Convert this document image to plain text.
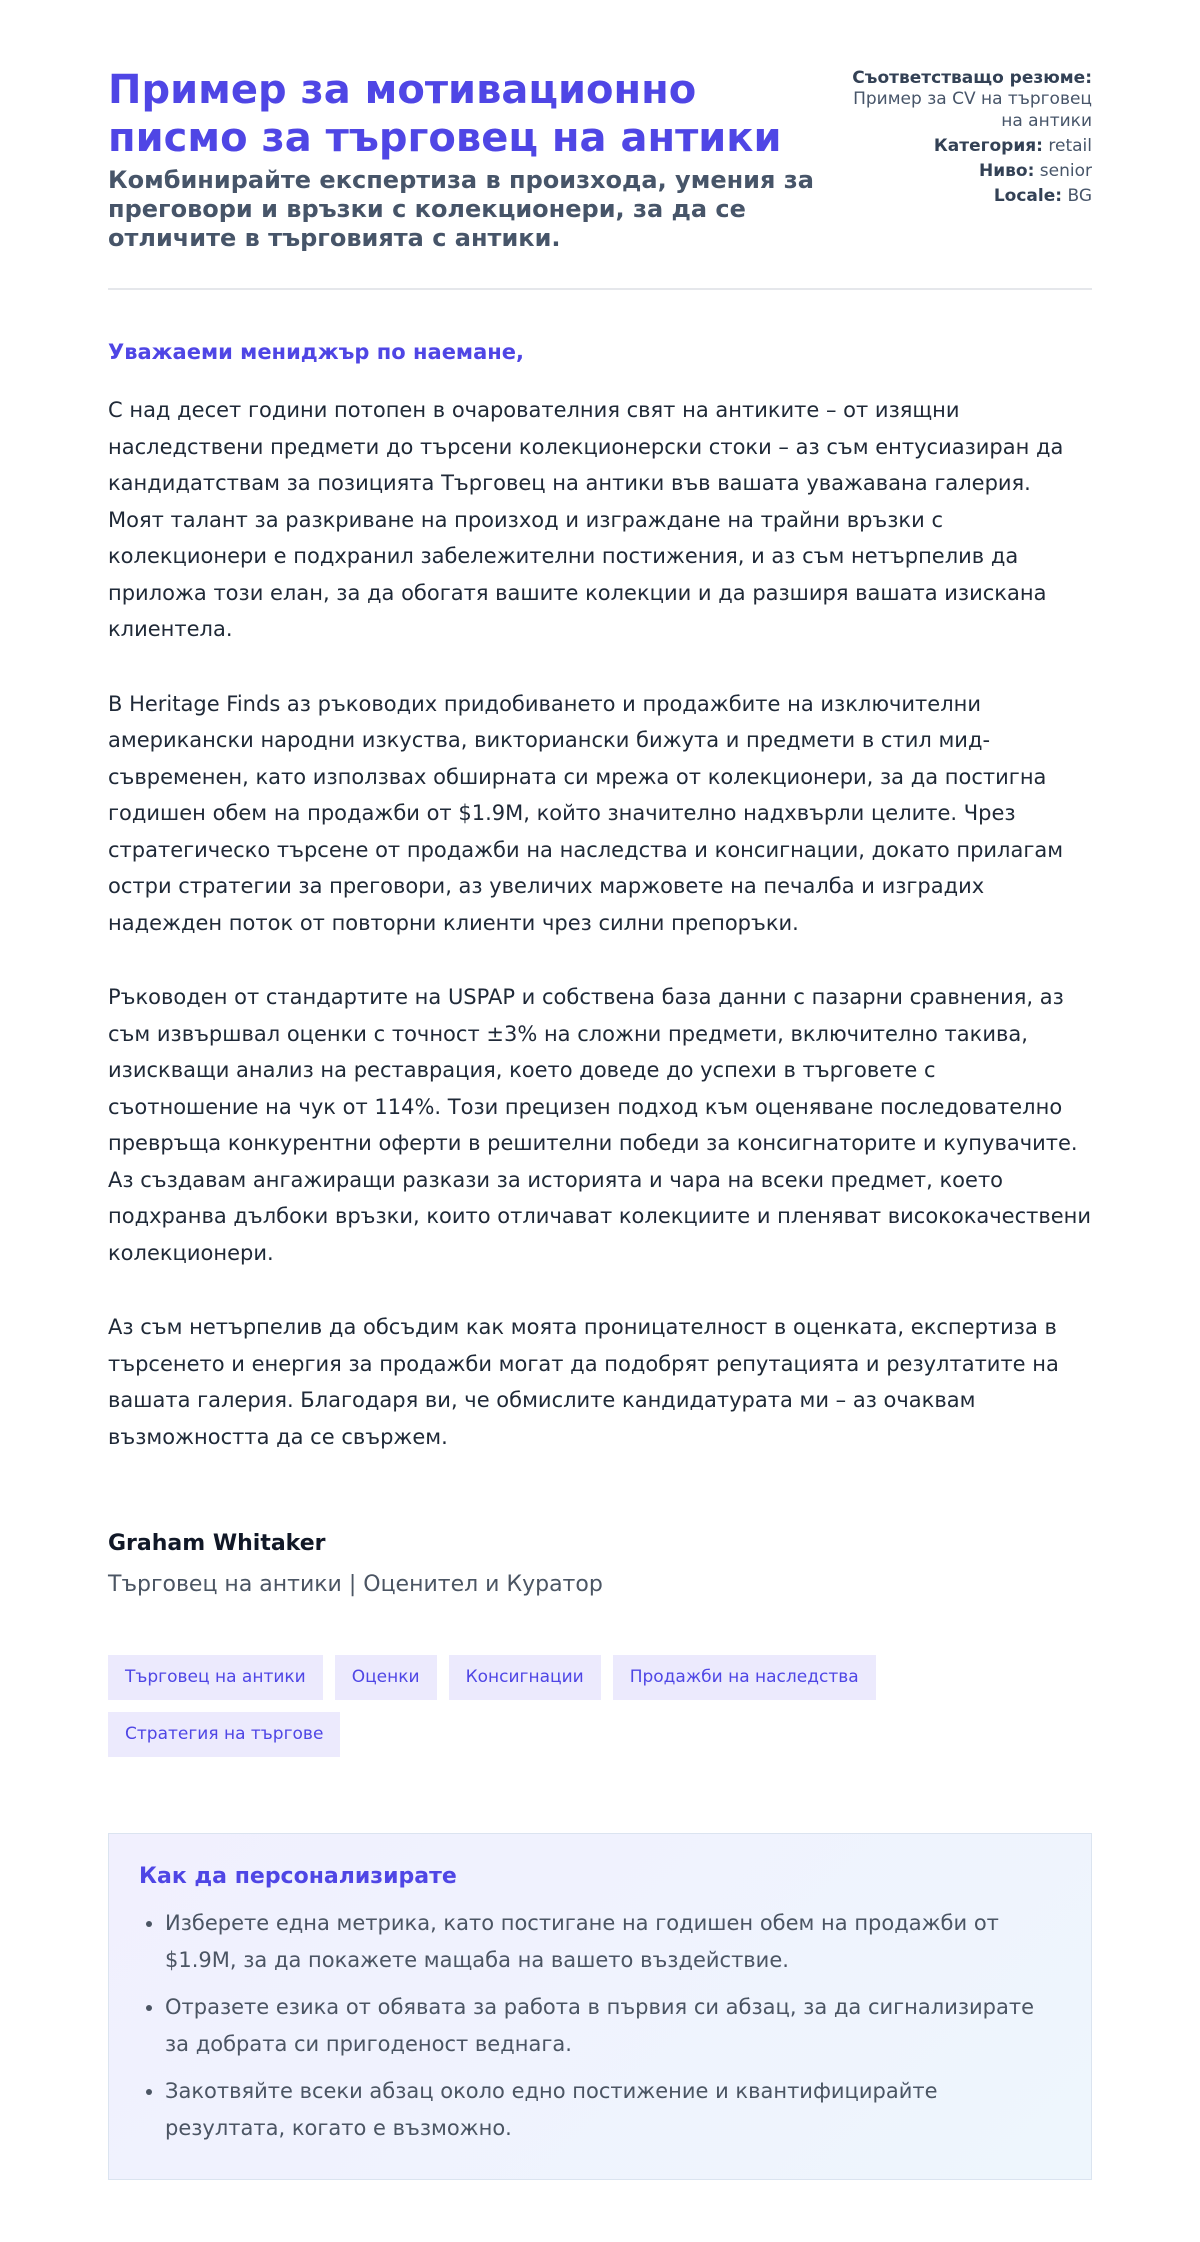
Пример за мотивационно писмо за търговец на антики
Комбинирайте експертиза в произхода, умения за преговори и връзки с колекционери, за да се отличите в търговията с антики.
Съответстващо резюме: Пример за CV на търговец на антики
Категория: retail
Ниво: senior
Locale: BG
Уважаеми мениджър по наемане,

С над десет години потопен в очарователния свят на антиките – от изящни наследствени предмети до търсени колекционерски стоки – аз съм ентусиазиран да кандидатствам за позицията Търговец на антики във вашата уважавана галерия. Моят талант за разкриване на произход и изграждане на трайни връзки с колекционери е подхранил забележителни постижения, и аз съм нетърпелив да приложа този елан, за да обогатя вашите колекции и да разширя вашата изискана клиентела.

В Heritage Finds аз ръководих придобиването и продажбите на изключителни американски народни изкуства, викториански бижута и предмети в стил мид-съвременен, като използвах обширната си мрежа от колекционери, за да постигна годишен обем на продажби от $1.9M, който значително надхвърли целите. Чрез стратегическо търсене от продажби на наследства и консигнации, докато прилагам остри стратегии за преговори, аз увеличих маржовете на печалба и изградих надежден поток от повторни клиенти чрез силни препоръки.

Ръководен от стандартите на USPAP и собствена база данни с пазарни сравнения, аз съм извършвал оценки с точност ±3% на сложни предмети, включително такива, изискващи анализ на реставрация, което доведе до успехи в търговете с съотношение на чук от 114%. Този прецизен подход към оценяване последователно превръща конкурентни оферти в решителни победи за консигнаторите и купувачите. Аз създавам ангажиращи разкази за историята и чара на всеки предмет, което подхранва дълбоки връзки, които отличават колекциите и пленяват висококачествени колекционери.

Аз съм нетърпелив да обсъдим как моята проницателност в оценката, експертиза в търсенето и енергия за продажби могат да подобрят репутацията и резултатите на вашата галерия. Благодаря ви, че обмислите кандидатурата ми – аз очаквам възможността да се свържем.

Graham Whitaker

Търговец на антики | Оценител и Куратор

Търговец на антики	Оценки	Консигнации	Продажби на наследства
Стратегия на търгове
Как да персонализирате
• Изберете една метрика, като постигане на годишен обем на продажби от $1.9M, за да покажете мащаба на вашето въздействие.
• Отразете езика от обявата за работа в първия си абзац, за да сигнализирате за добрата си пригоденост веднага.
• Закотвяйте всеки абзац около едно постижение и квантифицирайте резултата, когато е възможно.
